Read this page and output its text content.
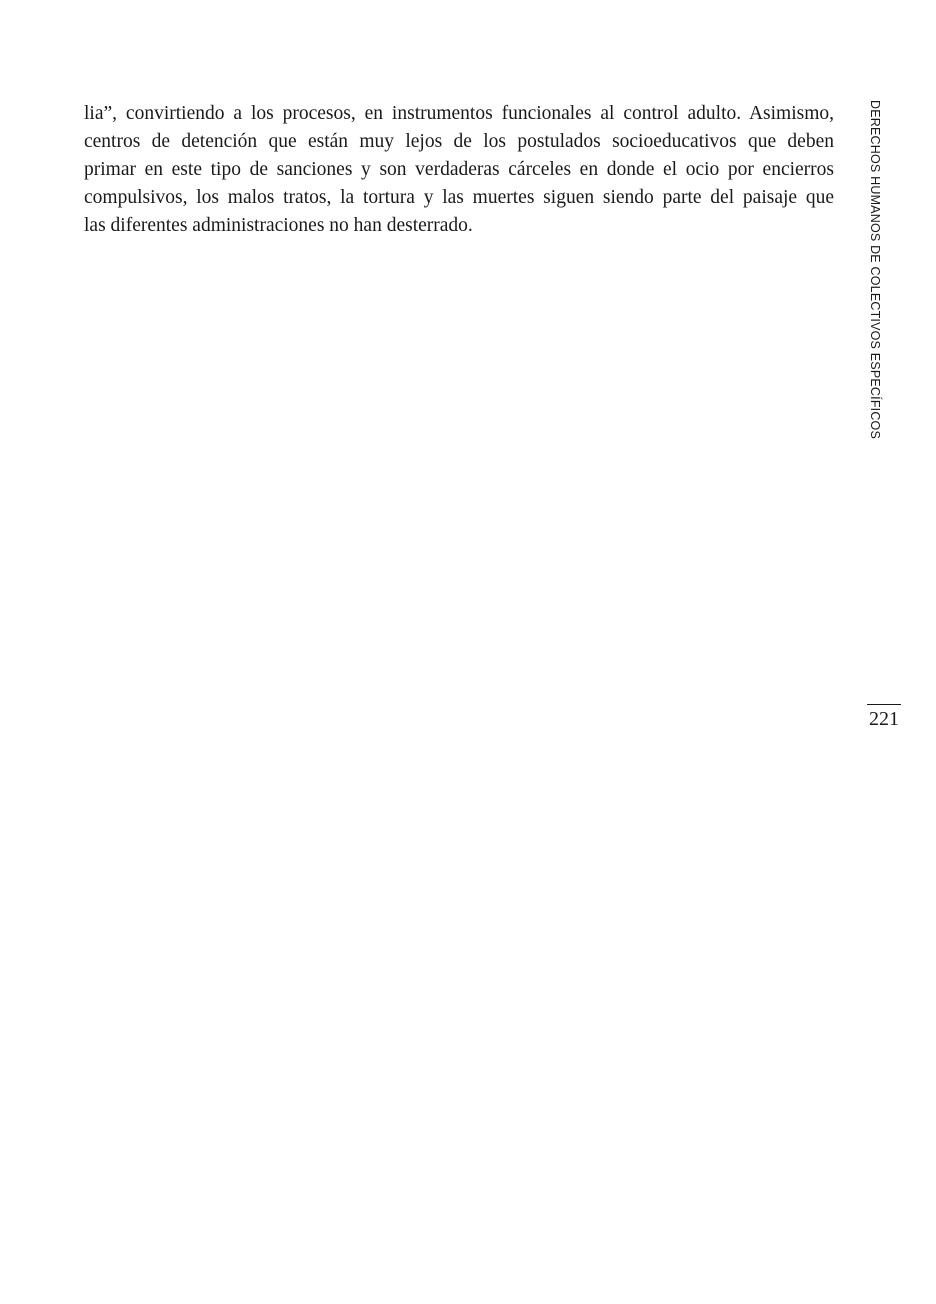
lia”, convirtiendo a los procesos, en instrumentos funcionales al control adulto. Asimismo,
centros de detención que están muy lejos de los postulados socioeducativos que deben
primar en este tipo de sanciones y son verdaderas cárceles en donde el ocio por encierros
compulsivos, los malos tratos, la tortura y las muertes siguen siendo parte del paisaje que
las diferentes administraciones no han desterrado.	DERECHOS HUMANOS DE COLECTIVOS ESPECÍFICOS
221
